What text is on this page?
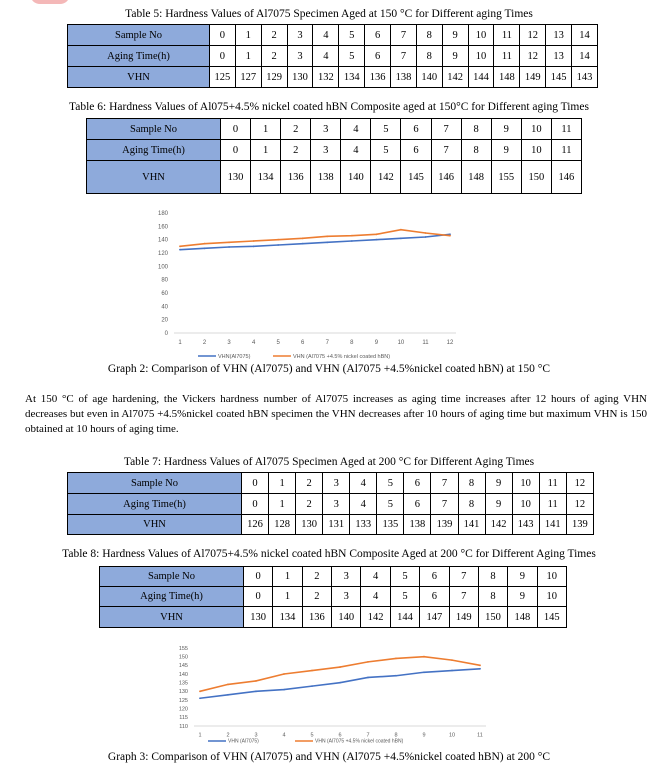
Table 5: Hardness Values of Al7075 Specimen Aged at 150 °C for Different aging Times
Sample No	0	1	2	3	4	5	6	7	8	9	10	11	12	13	14
Aging Time(h)	0	1	2	3	4	5	6	7	8	9	10	11	12	13	14
VHN	125	127	129	130	132	134	136	138	140	142	144	148	149	145	143
Table 6: Hardness Values of Al075+4.5% nickel coated hBN Composite aged at 150°C for Different aging Times
Sample No	0	1	2	3	4	5	6	7	8	9	10	11
Aging Time(h)	0	1	2	3	4	5	6	7	8	9	10	11
VHN	130	134	136	138	140	142	145	146	148	155	150	146
0
20
40
60
80
100
120
140
160
180
1	2	3	4	5	6	7	8	9	10	11	12
VHN(Al7075)	VHN (Al7075 +4.5% nickel coated hBN)
Graph 2: Comparison of VHN (Al7075) and VHN (Al7075 +4.5%nickel coated hBN) at 150 °C
At 150 °C of age hardening, the Vickers hardness number of Al7075 increases as aging time increases after 12 hours of aging VHN decreases but even in Al7075 +4.5%nickel coated hBN specimen the VHN decreases after 10 hours of aging time but maximum VHN is 150 obtained at 10 hours of aging time.
Table 7: Hardness Values of Al7075 Specimen Aged at 200 °C for Different Aging Times
Sample No	0	1	2	3	4	5	6	7	8	9	10	11	12
Aging Time(h)	0	1	2	3	4	5	6	7	8	9	10	11	12
VHN	126	128	130	131	133	135	138	139	141	142	143	141	139
Table 8: Hardness Values of Al7075+4.5% nickel coated hBN Composite Aged at 200 °C for Different Aging Times
Sample No	0	1	2	3	4	5	6	7	8	9	10
Aging Time(h)	0	1	2	3	4	5	6	7	8	9	10
VHN	130	134	136	140	142	144	147	149	150	148	145
110
115
120
125
130
135
140
145
150
155
1	2	3	4	5	6	7	8	9	10	11
VHN (Al7075)	VHN (Al7075 +4.5% nickel coated hBN)
Graph 3: Comparison of VHN (Al7075) and VHN (Al7075 +4.5%nickel coated hBN) at 200 °C
